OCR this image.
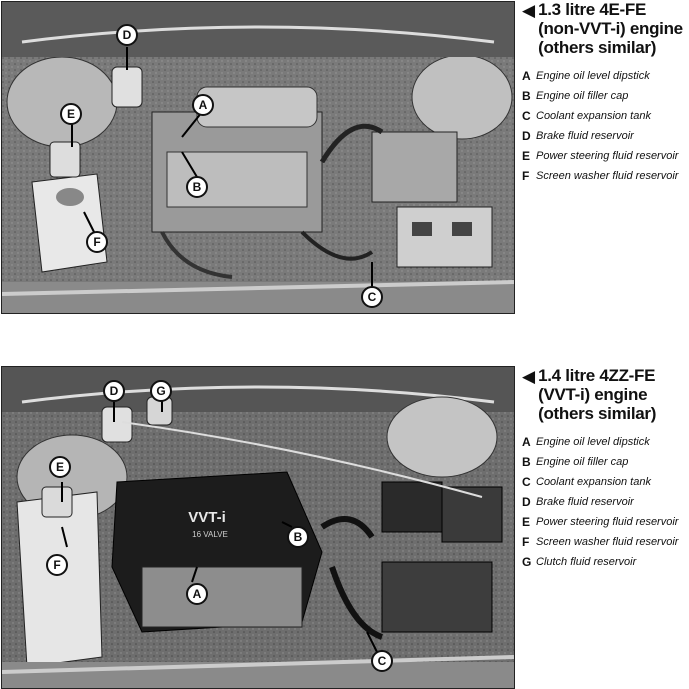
D
A
B
E
F
C
◀ 1.3 litre 4E-FE (non-VVT-i) engine (others similar)
A Engine oil level dipstick
B Engine oil filler cap
C Coolant expansion tank
D Brake fluid reservoir
E Power steering fluid reservoir
F Screen washer fluid reservoir
VVT-i
16 VALVE
D	G
E
F
B
A
C
◀ 1.4 litre 4ZZ-FE (VVT-i) engine (others similar)
A Engine oil level dipstick
B Engine oil filler cap
C Coolant expansion tank
D Brake fluid reservoir
E Power steering fluid reservoir
F Screen washer fluid reservoir
G Clutch fluid reservoir
